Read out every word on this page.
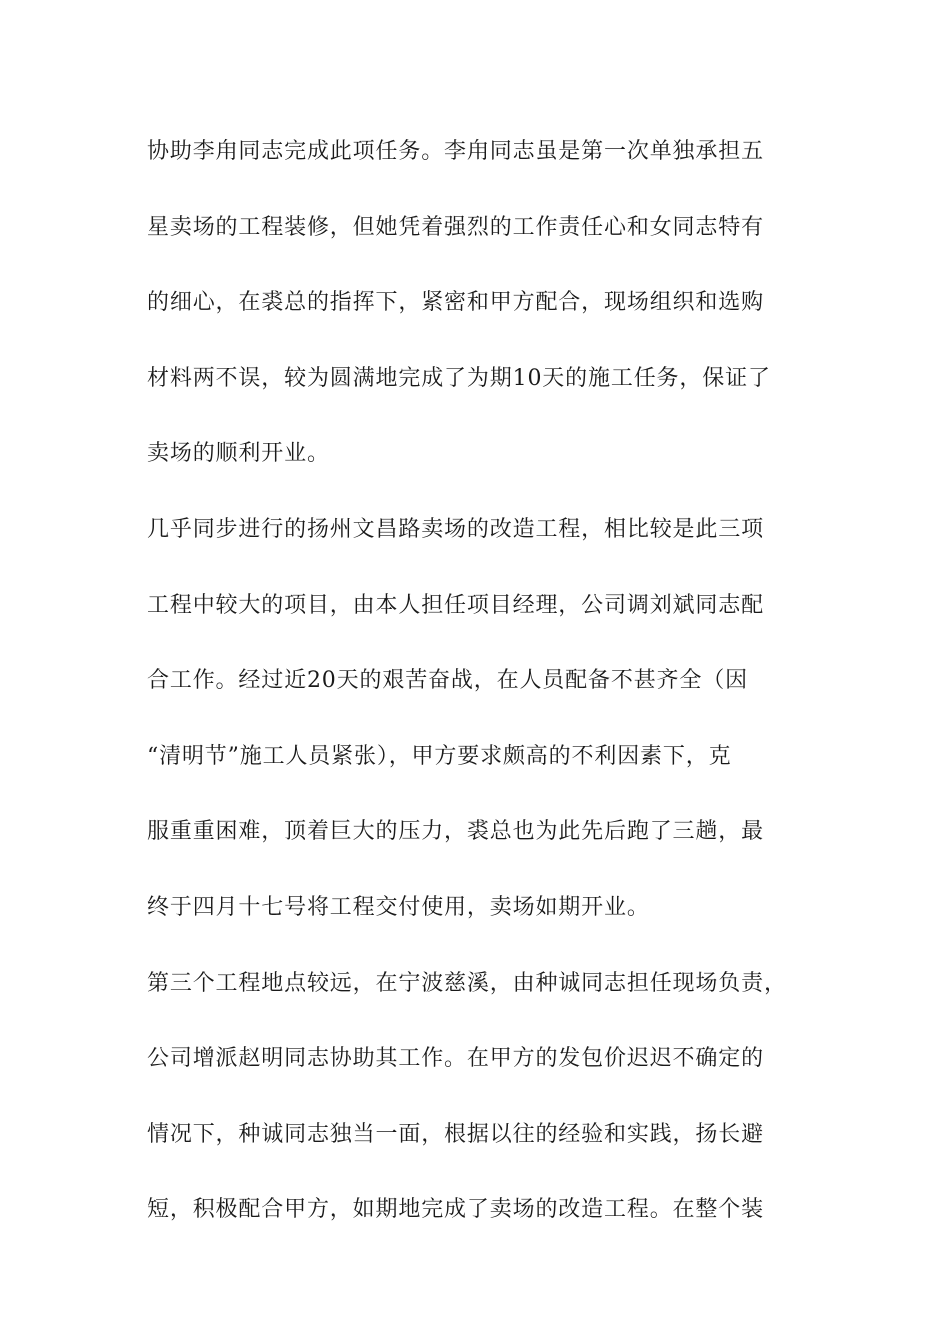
协助李甪同志完成此项任务。李甪同志虽是第一次单独承担五
星卖场的工程装修，但她凭着强烈的工作责任心和女同志特有
的细心，在裘总的指挥下，紧密和甲方配合，现场组织和选购
材料两不误，较为圆满地完成了为期10天的施工任务，保证了
卖场的顺利开业。
几乎同步进行的扬州文昌路卖场的改造工程，相比较是此三项
工程中较大的项目，由本人担任项目经理，公司调刘斌同志配
合工作。经过近20天的艰苦奋战，在人员配备不甚齐全（因
“清明节”施工人员紧张），甲方要求颇高的不利因素下，克
服重重困难，顶着巨大的压力，裘总也为此先后跑了三趟，最
终于四月十七号将工程交付使用，卖场如期开业。
第三个工程地点较远，在宁波慈溪，由种诚同志担任现场负责，
公司增派赵明同志协助其工作。在甲方的发包价迟迟不确定的
情况下，种诚同志独当一面，根据以往的经验和实践，扬长避
短，积极配合甲方，如期地完成了卖场的改造工程。在整个装
